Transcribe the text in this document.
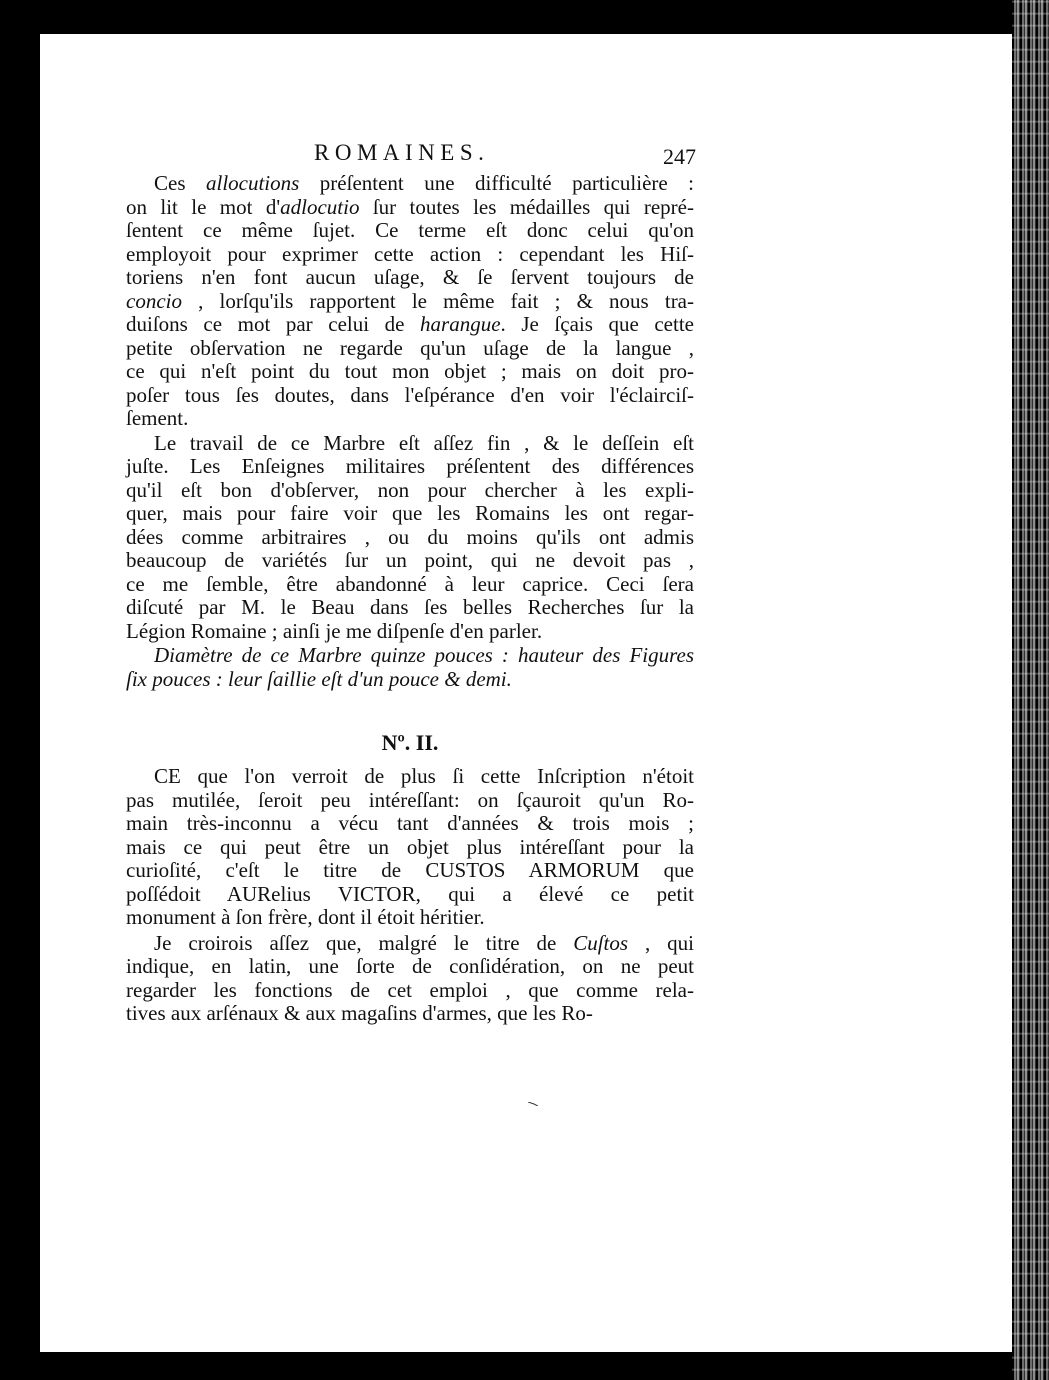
ROMAINES.	247
Ces allocutions préſentent une difficulté particulière :
on lit le mot d'adlocutio ſur toutes les médailles qui repré-
ſentent ce même ſujet. Ce terme eſt donc celui qu'on
employoit pour exprimer cette action : cependant les Hiſ-
toriens n'en font aucun uſage, & ſe ſervent toujours de
concio , lorſqu'ils rapportent le même fait ; & nous tra-
duiſons ce mot par celui de harangue. Je ſçais que cette
petite obſervation ne regarde qu'un uſage de la langue ,
ce qui n'eſt point du tout mon objet ; mais on doit pro-
poſer tous ſes doutes, dans l'eſpérance d'en voir l'éclairciſ-
ſement.
Le travail de ce Marbre eſt aſſez fin , & le deſſein eſt
juſte. Les Enſeignes militaires préſentent des différences
qu'il eſt bon d'obſerver, non pour chercher à les expli-
quer, mais pour faire voir que les Romains les ont regar-
dées comme arbitraires , ou du moins qu'ils ont admis
beaucoup de variétés ſur un point, qui ne devoit pas ,
ce me ſemble, être abandonné à leur caprice. Ceci ſera
diſcuté par M. le Beau dans ſes belles Recherches ſur la
Légion Romaine ; ainſi je me diſpenſe d'en parler.
Diamètre de ce Marbre quinze pouces : hauteur des Figures
ſix pouces : leur ſaillie eſt d'un pouce & demi.
Nº. II.
CE que l'on verroit de plus ſi cette Inſcription n'étoit
pas mutilée, ſeroit peu intéreſſant: on ſçauroit qu'un Ro-
main très-inconnu a vécu tant d'années & trois mois ;
mais ce qui peut être un objet plus intéreſſant pour la
curioſité, c'eſt le titre de CUSTOS ARMORUM que
poſſédoit AURelius VICTOR, qui a élevé ce petit
monument à ſon frère, dont il étoit héritier.
Je croirois aſſez que, malgré le titre de Cuſtos , qui
indique, en latin, une ſorte de conſidération, on ne peut
regarder les fonctions de cet emploi , que comme rela-
tives aux arſénaux & aux magaſins d'armes, que les Ro-
